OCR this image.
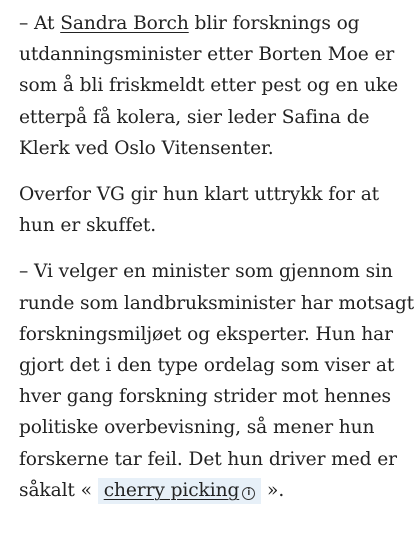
– At Sandra Borch blir forsknings og utdanningsminister etter Borten Moe er som å bli friskmeldt etter pest og en uke etterpå få kolera, sier leder Safina de Klerk ved Oslo Vitensenter.

Overfor VG gir hun klart uttrykk for at hun er skuffet.

– Vi velger en minister som gjennom sin runde som landbruksminister har motsagt forskningsmiljøet og eksperter. Hun har gjort det i den type ordelag som viser at hver gang forskning strider mot hennes politiske overbevisning, så mener hun forskerne tar feil. Det hun driver med er såkalt « cherry picking i ».
